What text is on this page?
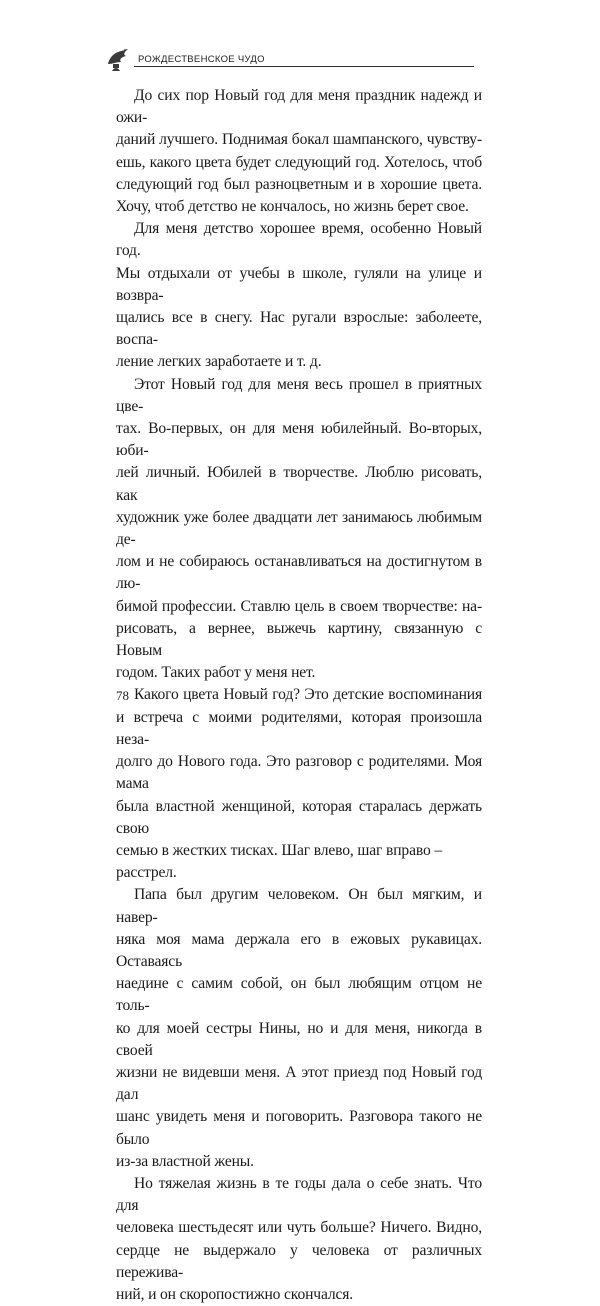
РОЖДЕСТВЕНСКОЕ ЧУДО
До сих пор Новый год для меня праздник надежд и ожи-
даний лучшего. Поднимая бокал шампанского, чувству-
ешь, какого цвета будет следующий год. Хотелось, чтоб
следующий год был разноцветным и в хорошие цвета.
Хочу, чтоб детство не кончалось, но жизнь берет свое.
Для меня детство хорошее время, особенно Новый год.
Мы отдыхали от учебы в школе, гуляли на улице и возвра-
щались все в снегу. Нас ругали взрослые: заболеете, воспа-
ление легких заработаете и т. д.
Этот Новый год для меня весь прошел в приятных цве-
тах. Во-первых, он для меня юбилейный. Во-вторых, юби-
лей личный. Юбилей в творчестве. Люблю рисовать, как
художник уже более двадцати лет занимаюсь любимым де-
лом и не собираюсь останавливаться на достигнутом в лю-
бимой профессии. Ставлю цель в своем творчестве: на-
рисовать, а вернее, выжечь картину, связанную с Новым
годом. Таких работ у меня нет.
Какого цвета Новый год? Это детские воспоминания
и встреча с моими родителями, которая произошла неза-
долго до Нового года. Это разговор с родителями. Моя мама
была властной женщиной, которая старалась держать свою
семью в жестких тисках. Шаг влево, шаг вправо – расстрел.
Папа был другим человеком. Он был мягким, и навер-
няка моя мама держала его в ежовых рукавицах. Оставаясь
наедине с самим собой, он был любящим отцом не толь-
ко для моей сестры Нины, но и для меня, никогда в своей
жизни не видевши меня. А этот приезд под Новый год дал
шанс увидеть меня и поговорить. Разговора такого не было
из-за властной жены.
Но тяжелая жизнь в те годы дала о себе знать. Что для
человека шестьдесят или чуть больше? Ничего. Видно,
сердце не выдержало у человека от различных пережива-
ний, и он скоропостижно скончался.
78
